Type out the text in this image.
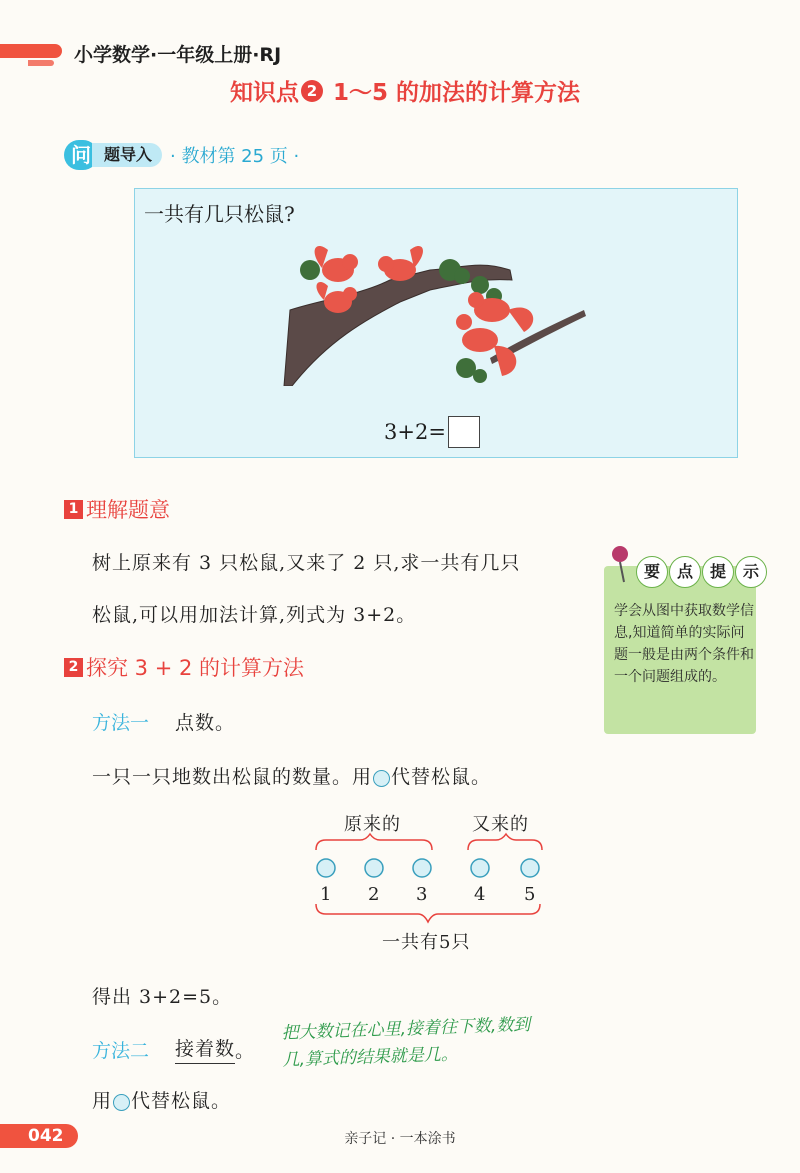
小学数学·一年级上册·RJ
知识点 2 1～5 的加法的计算方法
问 题导入	· 教材第 25 页 ·
一共有几只松鼠?
3+2=
1 理解题意
树上原来有 3 只松鼠,又来了 2 只,求一共有几只
松鼠,可以用加法计算,列式为 3+2。
要	点	提	示
学会从图中获取数学信息,知道简单的实际问题一般是由两个条件和一个问题组成的。
2 探究 3 + 2 的计算方法
方法一 点数。
一只一只地数出松鼠的数量。用 代替松鼠。
原来的	又来的
1 2 3	4 5
一共有5只
得出 3+2=5。
方法二 接着数 。
把大数记在心里,接着往下数,数到几,算式的结果就是几。
用 代替松鼠。
042	亲子记 · 一本涂书
